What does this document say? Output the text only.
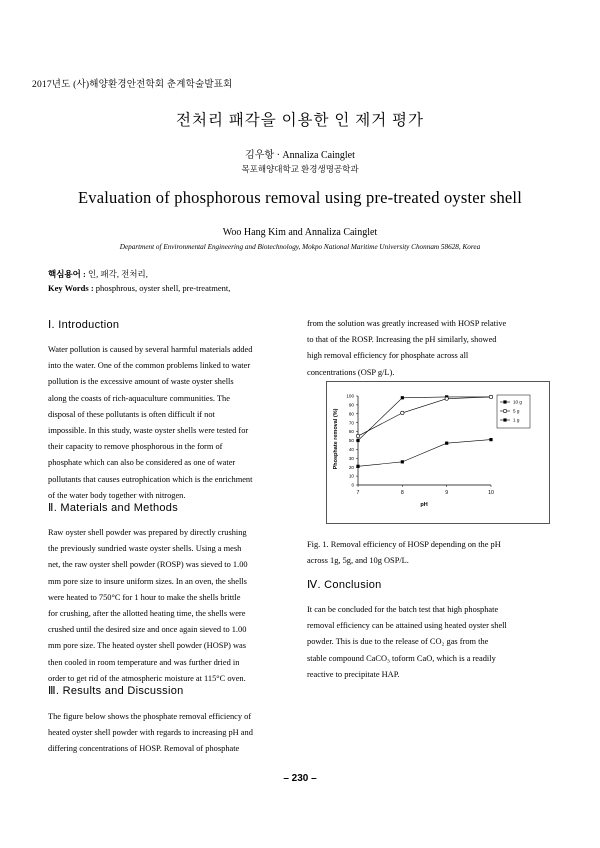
2017년도 (사)해양환경안전학회 춘계학술발표회
전처리 패각을 이용한 인 제거 평가
김우항 · Annaliza Cainglet
목포해양대학교 환경생명공학과
Evaluation of phosphorous removal using pre-treated oyster shell
Woo Hang Kim and Annaliza Cainglet
Department of Environmental Engineering and Biotechnology, Mokpo National Maritime University Chonnam 58628, Korea
핵심용어 : 인, 패각, 전처리,
Key Words : phosphrous, oyster shell, pre-treatment,
Ⅰ. Introduction

Water pollution is caused by several harmful materials added

into the water. One of the common problems linked to water

pollution is the excessive amount of waste oyster shells

along the coasts of rich-aquaculture communities. The

disposal of these pollutants is often difficult if not

impossible. In this study, waste oyster shells were tested for

their capacity to remove phosphorous in the form of

phosphate which can also be considered as one of water

pollutants that causes eutrophication which is the enrichment

of the water body together with nitrogen.

Ⅱ. Materials and Methods

Raw oyster shell powder was prepared by directly crushing

the previously sundried waste oyster shells. Using a mesh

net, the raw oyster shell powder (ROSP) was sieved to 1.00

mm pore size to insure uniform sizes. In an oven, the shells

were heated to 750°C for 1 hour to make the shells brittle

for crushing, after the allotted heating time, the shells were

crushed until the desired size and once again sieved to 1.00

mm pore size. The heated oyster shell powder (HOSP) was

then cooled in room temperature and was further dried in

order to get rid of the atmospheric moisture at 115°C oven.

Ⅲ. Results and Discussion

The figure below shows the phosphate removal efficiency of

heated oyster shell powder with regards to increasing pH and

differing concentrations of HOSP. Removal of phosphate

from the solution was greatly increased with HOSP relative

to that of the ROSP. Increasing the pH similarly, showed

high removal efficiency for phosphate across all

concentrations (OSP g/L).

Phosphate removal (%)
pH
0
10
20
30
40
50
60
70
80
90
100
7	8	9	10
10 g
5 g
1 g
Fig. 1. Removal efficiency of HOSP depending on the pH
across 1g, 5g, and 10g OSP/L.
Ⅳ. Conclusion

It can be concluded for the batch test that high phosphate

removal efficiency can be attained using heated oyster shell

powder. This is due to the release of CO₂ gas from the

stable compound CaCO₃ toform CaO, which is a readily

reactive to precipitate HAP.

– 230 –
